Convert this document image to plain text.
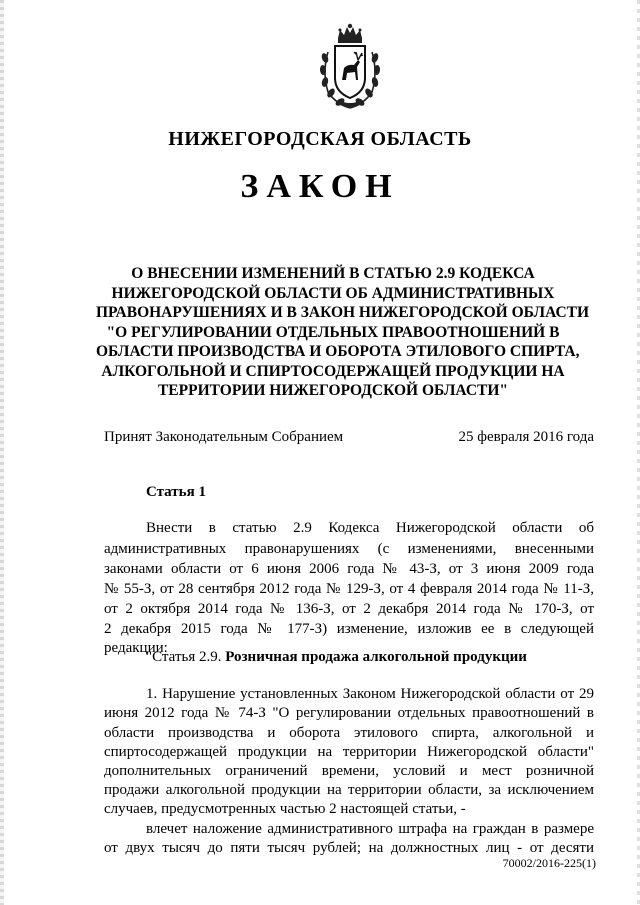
НИЖЕГОРОДСКАЯ ОБЛАСТЬ
ЗАКОН

О ВНЕСЕНИИ ИЗМЕНЕНИЙ В СТАТЬЮ 2.9 КОДЕКСА
НИЖЕГОРОДСКОЙ ОБЛАСТИ ОБ АДМИНИСТРАТИВНЫХ
ПРАВОНАРУШЕНИЯХ И В ЗАКОН НИЖЕГОРОДСКОЙ ОБЛАСТИ
"О РЕГУЛИРОВАНИИ ОТДЕЛЬНЫХ ПРАВООТНОШЕНИЙ В
ОБЛАСТИ ПРОИЗВОДСТВА И ОБОРОТА ЭТИЛОВОГО СПИРТА,
АЛКОГОЛЬНОЙ И СПИРТОСОДЕРЖАЩЕЙ ПРОДУКЦИИ НА
ТЕРРИТОРИИ НИЖЕГОРОДСКОЙ ОБЛАСТИ"

Принят Законодательным Собранием	25 февраля 2016 года
Статья 1
Внести в статью 2.9 Кодекса Нижегородской области об
административных правонарушениях (с изменениями, внесенными
законами области от 6 июня 2006 года № 43-З, от 3 июня 2009 года
№ 55-З, от 28 сентября 2012 года № 129-З, от 4 февраля 2014 года № 11-З,
от 2 октября 2014 года № 136-З, от 2 декабря 2014 года № 170-З, от
2 декабря 2015 года № 177-З) изменение, изложив ее в следующей
редакции:
"Статья 2.9. Розничная продажа алкогольной продукции
1. Нарушение установленных Законом Нижегородской области от 29
июня 2012 года № 74-З "О регулировании отдельных правоотношений в
области производства и оборота этилового спирта, алкогольной и
спиртосодержащей продукции на территории Нижегородской области"
дополнительных ограничений времени, условий и мест розничной
продажи алкогольной продукции на территории области, за исключением
случаев, предусмотренных частью 2 настоящей статьи, -
влечет наложение административного штрафа на граждан в размере
от двух тысяч до пяти тысяч рублей; на должностных лиц - от десяти
70002/2016-225(1)
